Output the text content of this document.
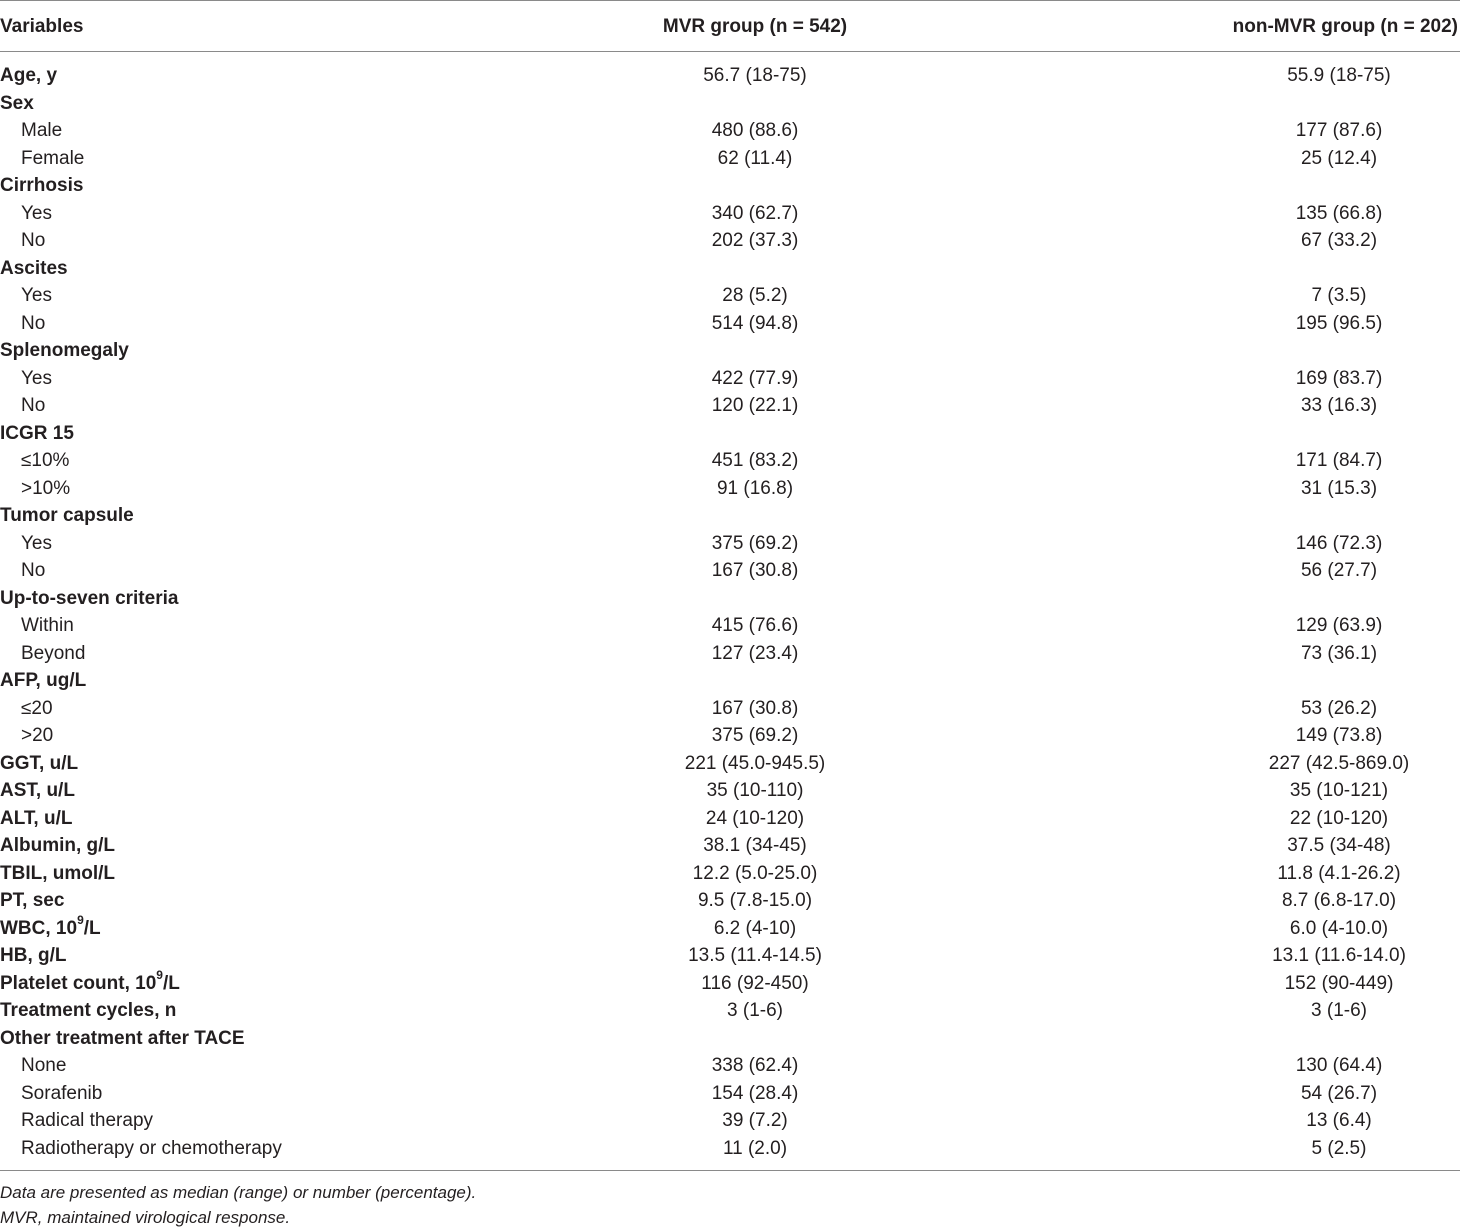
Variables	MVR group (n = 542)	non-MVR group (n = 202)
Age, y	56.7 (18-75)	55.9 (18-75)
Sex
Male	480 (88.6)	177 (87.6)
Female	62 (11.4)	25 (12.4)
Cirrhosis
Yes	340 (62.7)	135 (66.8)
No	202 (37.3)	67 (33.2)
Ascites
Yes	28 (5.2)	7 (3.5)
No	514 (94.8)	195 (96.5)
Splenomegaly
Yes	422 (77.9)	169 (83.7)
No	120 (22.1)	33 (16.3)
ICGR 15
≤10%	451 (83.2)	171 (84.7)
>10%	91 (16.8)	31 (15.3)
Tumor capsule
Yes	375 (69.2)	146 (72.3)
No	167 (30.8)	56 (27.7)
Up-to-seven criteria
Within	415 (76.6)	129 (63.9)
Beyond	127 (23.4)	73 (36.1)
AFP, ug/L
≤20	167 (30.8)	53 (26.2)
>20	375 (69.2)	149 (73.8)
GGT, u/L	221 (45.0-945.5)	227 (42.5-869.0)
AST, u/L	35 (10-110)	35 (10-121)
ALT, u/L	24 (10-120)	22 (10-120)
Albumin, g/L	38.1 (34-45)	37.5 (34-48)
TBIL, umol/L	12.2 (5.0-25.0)	11.8 (4.1-26.2)
PT, sec	9.5 (7.8-15.0)	8.7 (6.8-17.0)
WBC, $10^9/L$	6.2 (4-10)	6.0 (4-10.0)
HB, g/L	13.5 (11.4-14.5)	13.1 (11.6-14.0)
Platelet count, $10^9/L$	116 (92-450)	152 (90-449)
Treatment cycles, n	3 (1-6)	3 (1-6)
Other treatment after TACE
None	338 (62.4)	130 (64.4)
Sorafenib	154 (28.4)	54 (26.7)
Radical therapy	39 (7.2)	13 (6.4)
Radiotherapy or chemotherapy	11 (2.0)	5 (2.5)
Data are presented as median (range) or number (percentage).
MVR, maintained virological response.
